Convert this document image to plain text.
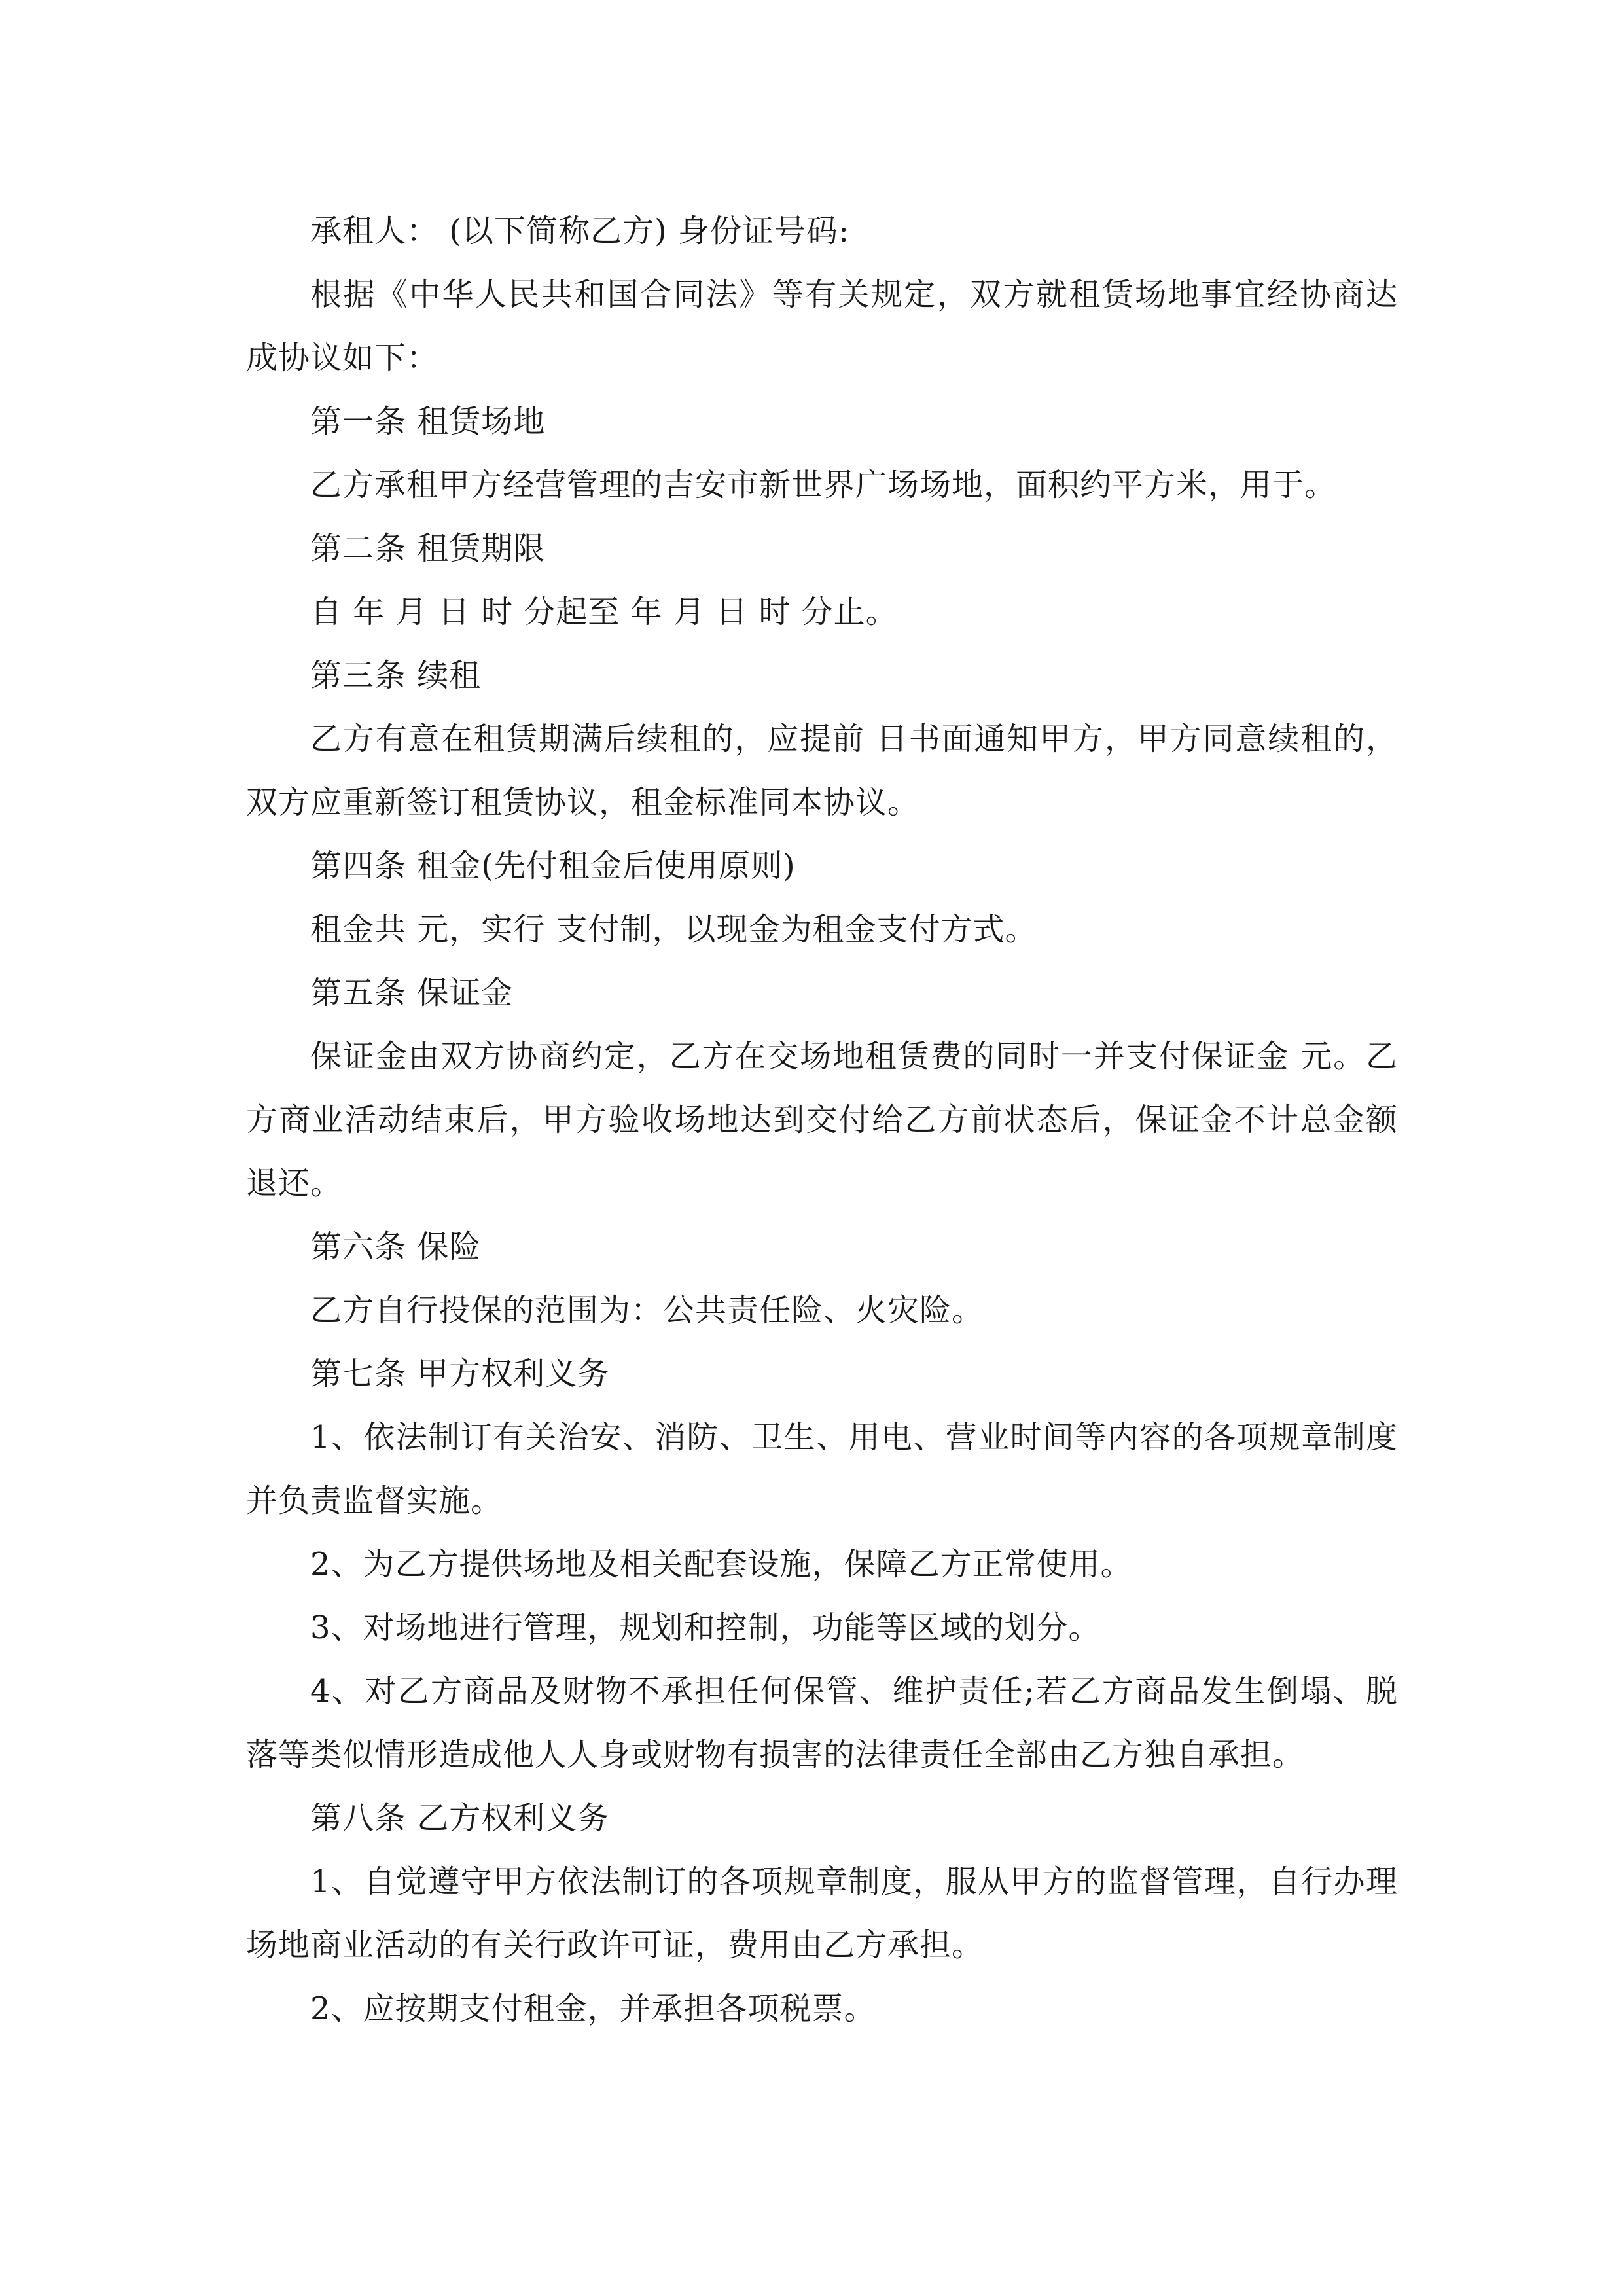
承租人： (以下简称乙方) 身份证号码:

根据《中华人民共和国合同法》等有关规定，双方就租赁场地事宜经协商达成协议如下：

第一条 租赁场地

乙方承租甲方经营管理的吉安市新世界广场场地，面积约平方米，用于。

第二条 租赁期限

自 年 月 日 时 分起至 年 月 日 时 分止。

第三条 续租

乙方有意在租赁期满后续租的，应提前 日书面通知甲方，甲方同意续租的，双方应重新签订租赁协议，租金标准同本协议。

第四条 租金(先付租金后使用原则)

租金共 元，实行 支付制，以现金为租金支付方式。

第五条 保证金

保证金由双方协商约定，乙方在交场地租赁费的同时一并支付保证金 元。乙方商业活动结束后，甲方验收场地达到交付给乙方前状态后，保证金不计总金额退还。

第六条 保险

乙方自行投保的范围为：公共责任险、火灾险。

第七条 甲方权利义务

1、依法制订有关治安、消防、卫生、用电、营业时间等内容的各项规章制度并负责监督实施。

2、为乙方提供场地及相关配套设施，保障乙方正常使用。

3、对场地进行管理，规划和控制，功能等区域的划分。

4、对乙方商品及财物不承担任何保管、维护责任;若乙方商品发生倒塌、脱落等类似情形造成他人人身或财物有损害的法律责任全部由乙方独自承担。

第八条 乙方权利义务

1、自觉遵守甲方依法制订的各项规章制度，服从甲方的监督管理，自行办理场地商业活动的有关行政许可证，费用由乙方承担。

2、应按期支付租金，并承担各项税票。
